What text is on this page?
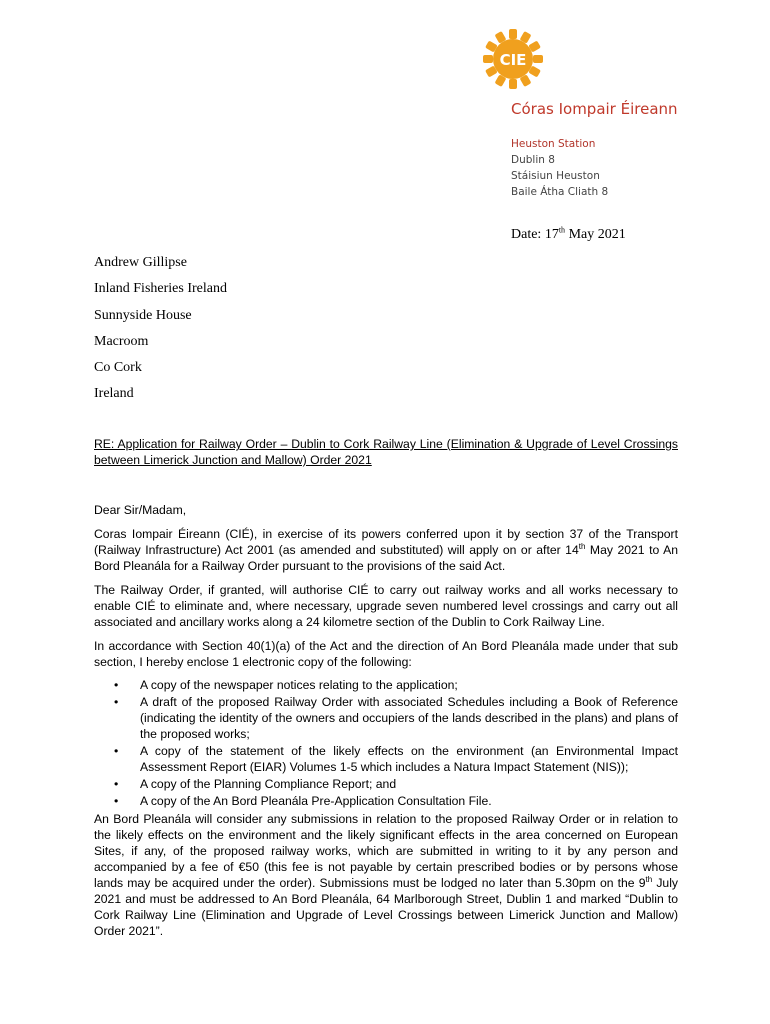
CIE
Córas Iompair Éireann
Heuston Station
Dublin 8
Stáisiun Heuston
Baile Átha Cliath 8
Date: 17th May 2021
Andrew Gillipse
Inland Fisheries Ireland
Sunnyside House
Macroom
Co Cork
Ireland
RE: Application for Railway Order – Dublin to Cork Railway Line (Elimination & Upgrade of Level Crossings between Limerick Junction and Mallow) Order 2021
Dear Sir/Madam,
Coras Iompair Éireann (CIÉ), in exercise of its powers conferred upon it by section 37 of the Transport (Railway Infrastructure) Act 2001 (as amended and substituted) will apply on or after 14th May 2021 to An Bord Pleanála for a Railway Order pursuant to the provisions of the said Act.
The Railway Order, if granted, will authorise CIÉ to carry out railway works and all works necessary to enable CIÉ to eliminate and, where necessary, upgrade seven numbered level crossings and carry out all associated and ancillary works along a 24 kilometre section of the Dublin to Cork Railway Line.
In accordance with Section 40(1)(a) of the Act and the direction of An Bord Pleanála made under that sub section, I hereby enclose 1 electronic copy of the following:
• A copy of the newspaper notices relating to the application;
• A draft of the proposed Railway Order with associated Schedules including a Book of Reference (indicating the identity of the owners and occupiers of the lands described in the plans) and plans of the proposed works;
• A copy of the statement of the likely effects on the environment (an Environmental Impact Assessment Report (EIAR) Volumes 1-5 which includes a Natura Impact Statement (NIS));
• A copy of the Planning Compliance Report; and
• A copy of the An Bord Pleanála Pre-Application Consultation File.
An Bord Pleanála will consider any submissions in relation to the proposed Railway Order or in relation to the likely effects on the environment and the likely significant effects in the area concerned on European Sites, if any, of the proposed railway works, which are submitted in writing to it by any person and accompanied by a fee of €50 (this fee is not payable by certain prescribed bodies or by persons whose lands may be acquired under the order). Submissions must be lodged no later than 5.30pm on the 9th July 2021 and must be addressed to An Bord Pleanála, 64 Marlborough Street, Dublin 1 and marked “Dublin to Cork Railway Line (Elimination and Upgrade of Level Crossings between Limerick Junction and Mallow) Order 2021”.
